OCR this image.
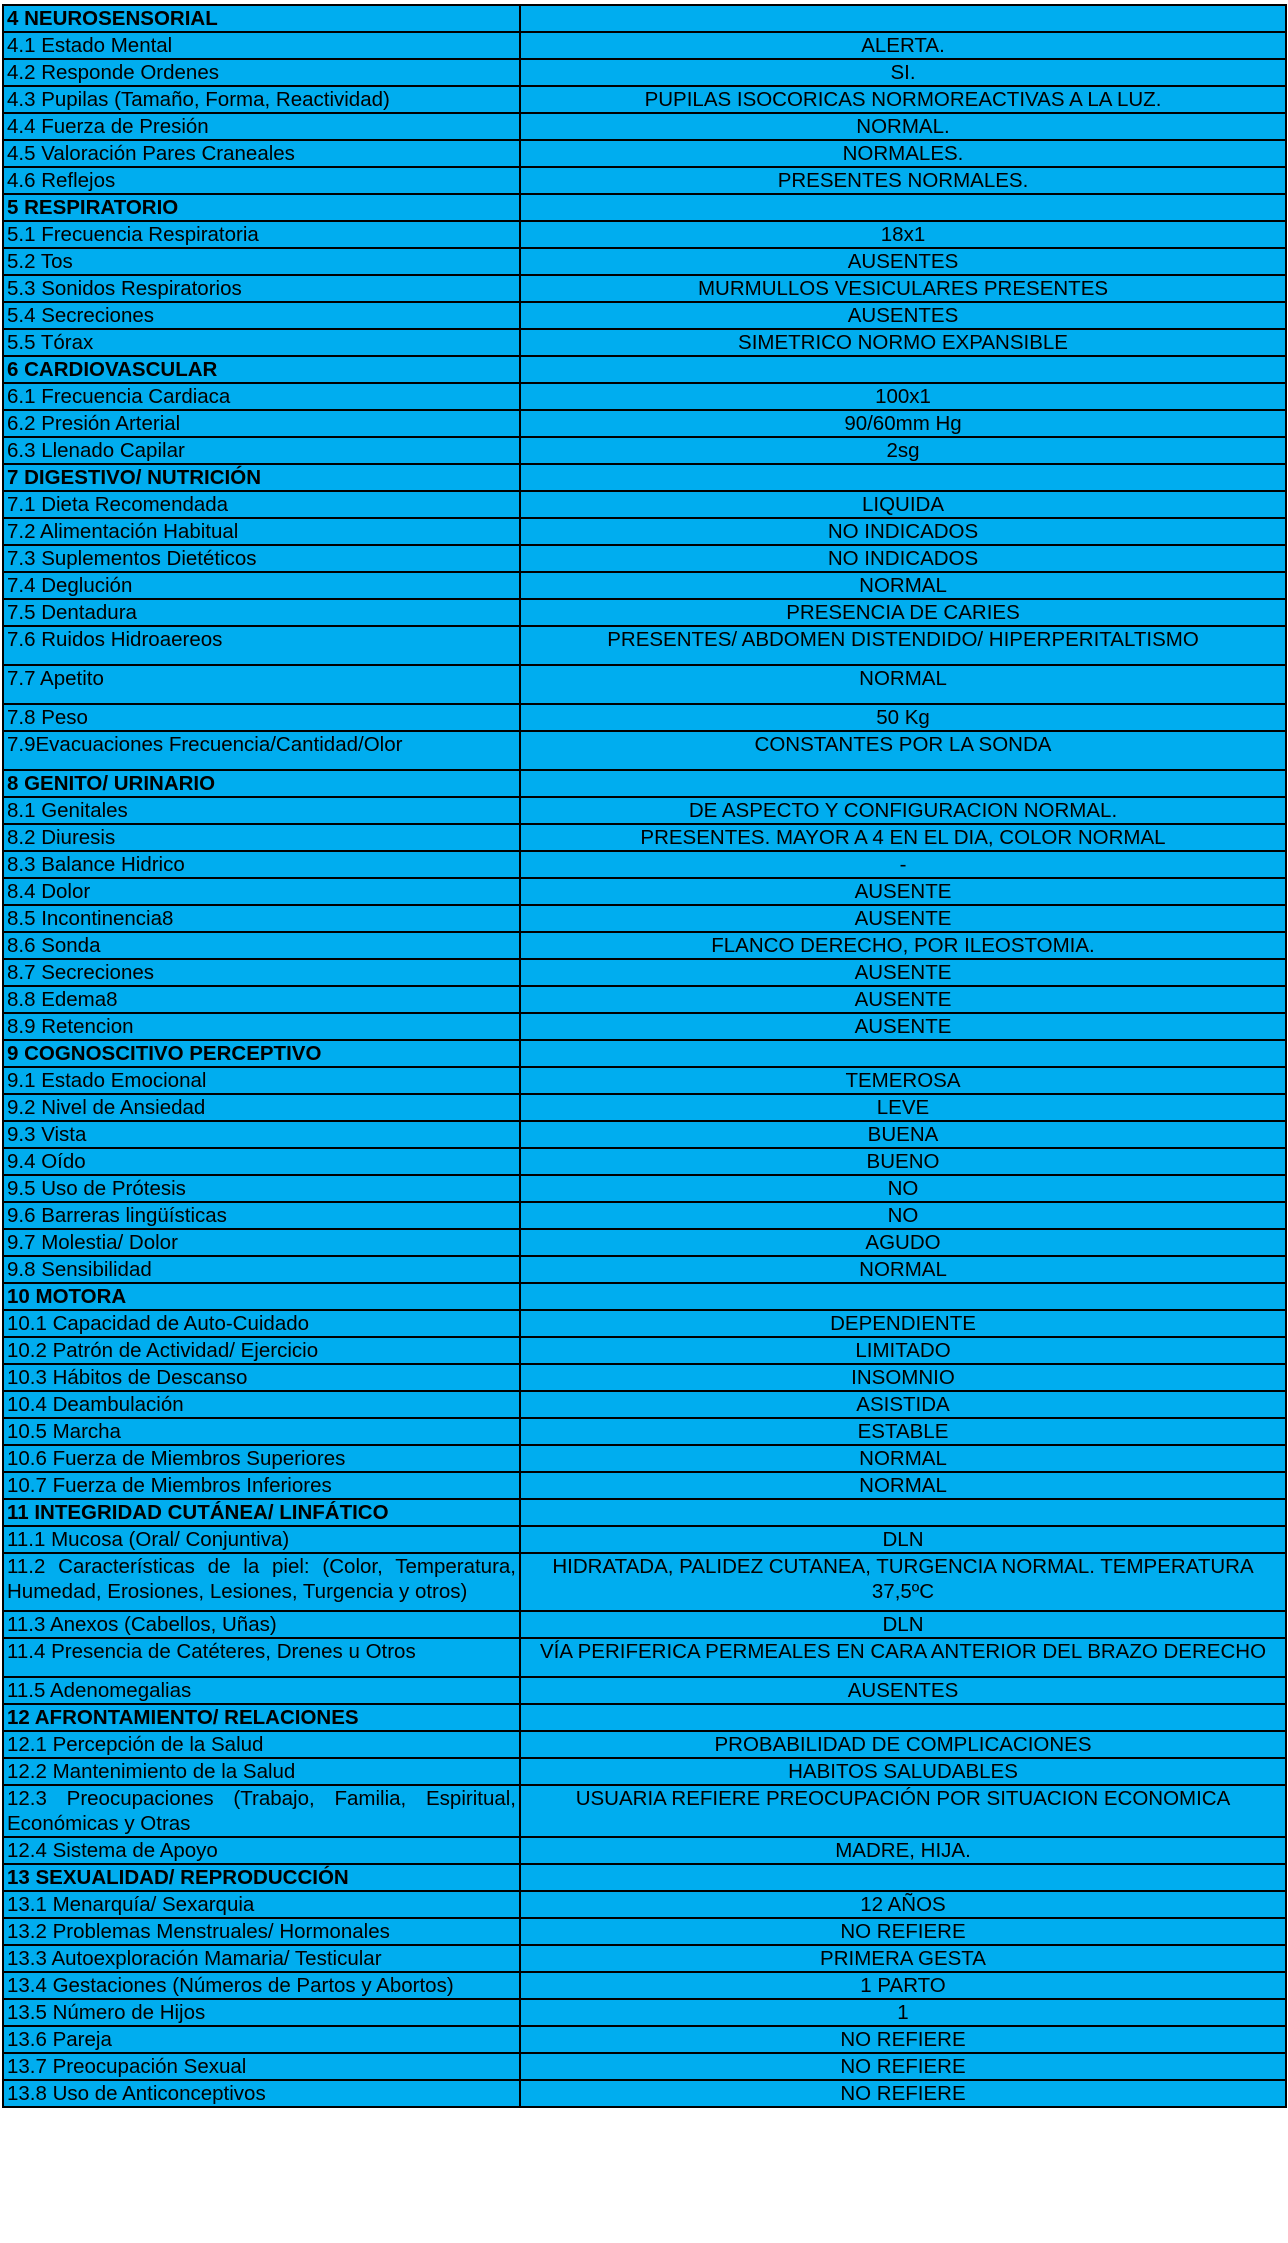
4 NEUROSENSORIAL	
4.1 Estado Mental	ALERTA.
4.2 Responde Ordenes	SI.
4.3 Pupilas (Tamaño, Forma, Reactividad)	PUPILAS ISOCORICAS NORMOREACTIVAS A LA LUZ.
4.4 Fuerza de Presión	NORMAL.
4.5 Valoración Pares Craneales	NORMALES.
4.6 Reflejos	PRESENTES NORMALES.
5 RESPIRATORIO	
5.1 Frecuencia Respiratoria	18x1
5.2 Tos	AUSENTES
5.3 Sonidos Respiratorios	MURMULLOS VESICULARES PRESENTES
5.4 Secreciones	AUSENTES
5.5 Tórax	SIMETRICO NORMO EXPANSIBLE
6 CARDIOVASCULAR	
6.1 Frecuencia Cardiaca	100x1
6.2 Presión Arterial	90/60mm Hg
6.3 Llenado Capilar	2sg
7 DIGESTIVO/ NUTRICIÓN	
7.1 Dieta Recomendada	LIQUIDA
7.2 Alimentación Habitual	NO INDICADOS
7.3 Suplementos Dietéticos	NO INDICADOS
7.4 Deglución	NORMAL
7.5 Dentadura	PRESENCIA DE CARIES
7.6 Ruidos Hidroaereos	PRESENTES/ ABDOMEN DISTENDIDO/ HIPERPERITALTISMO
7.7 Apetito	NORMAL
7.8 Peso	50 Kg
7.9Evacuaciones Frecuencia/Cantidad/Olor	CONSTANTES POR LA SONDA
8 GENITO/ URINARIO	
8.1 Genitales	DE ASPECTO Y CONFIGURACION NORMAL.
8.2 Diuresis	PRESENTES. MAYOR A 4 EN EL DIA, COLOR NORMAL
8.3 Balance Hidrico	-
8.4 Dolor	AUSENTE
8.5 Incontinencia8	AUSENTE
8.6 Sonda	FLANCO DERECHO, POR ILEOSTOMIA.
8.7 Secreciones	AUSENTE
8.8 Edema8	AUSENTE
8.9 Retencion	AUSENTE
9 COGNOSCITIVO PERCEPTIVO	
9.1 Estado Emocional	TEMEROSA
9.2 Nivel de Ansiedad	LEVE
9.3 Vista	BUENA
9.4 Oído	BUENO
9.5 Uso de Prótesis	NO
9.6 Barreras lingüísticas	NO
9.7 Molestia/ Dolor	AGUDO
9.8 Sensibilidad	NORMAL
10 MOTORA	
10.1 Capacidad de Auto-Cuidado	DEPENDIENTE
10.2 Patrón de Actividad/ Ejercicio	LIMITADO
10.3 Hábitos de Descanso	INSOMNIO
10.4 Deambulación	ASISTIDA
10.5 Marcha	ESTABLE
10.6 Fuerza de Miembros Superiores	NORMAL
10.7 Fuerza de Miembros Inferiores	NORMAL
11 INTEGRIDAD CUTÁNEA/ LINFÁTICO	
11.1 Mucosa (Oral/ Conjuntiva)	DLN
11.2 Características de la piel: (Color, Temperatura, Humedad, Erosiones, Lesiones, Turgencia y otros)	HIDRATADA, PALIDEZ CUTANEA, TURGENCIA NORMAL. TEMPERATURA 37,5ºC
11.3 Anexos (Cabellos, Uñas)	DLN
11.4 Presencia de Catéteres, Drenes u Otros	VÍA PERIFERICA PERMEALES EN CARA ANTERIOR DEL BRAZO DERECHO
11.5 Adenomegalias	AUSENTES
12 AFRONTAMIENTO/ RELACIONES	
12.1 Percepción de la Salud	PROBABILIDAD DE COMPLICACIONES
12.2 Mantenimiento de la Salud	HABITOS SALUDABLES
12.3 Preocupaciones (Trabajo, Familia, Espiritual, Económicas y Otras	USUARIA REFIERE PREOCUPACIÓN POR SITUACION ECONOMICA
12.4 Sistema de Apoyo	MADRE, HIJA.
13 SEXUALIDAD/ REPRODUCCIÓN	
13.1 Menarquía/ Sexarquia	12 AÑOS
13.2 Problemas Menstruales/ Hormonales	NO REFIERE
13.3 Autoexploración Mamaria/ Testicular	PRIMERA GESTA
13.4 Gestaciones (Números de Partos y Abortos)	1 PARTO
13.5 Número de Hijos	1
13.6 Pareja	NO REFIERE
13.7 Preocupación Sexual	NO REFIERE
13.8 Uso de Anticonceptivos	NO REFIERE
